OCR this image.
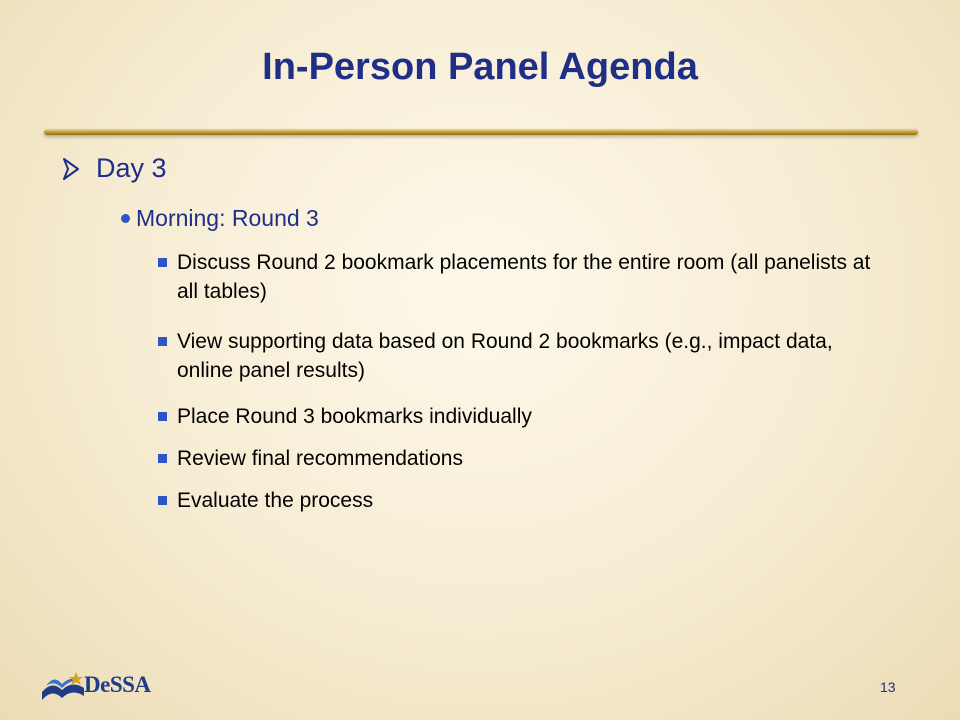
In-Person Panel Agenda
Day 3
Morning: Round 3
Discuss Round 2 bookmark placements for the entire room (all panelists at all tables)
View supporting data based on Round 2 bookmarks (e.g., impact data, online panel results)
Place Round 3 bookmarks individually
Review final recommendations
Evaluate the process
DeSSA	13
